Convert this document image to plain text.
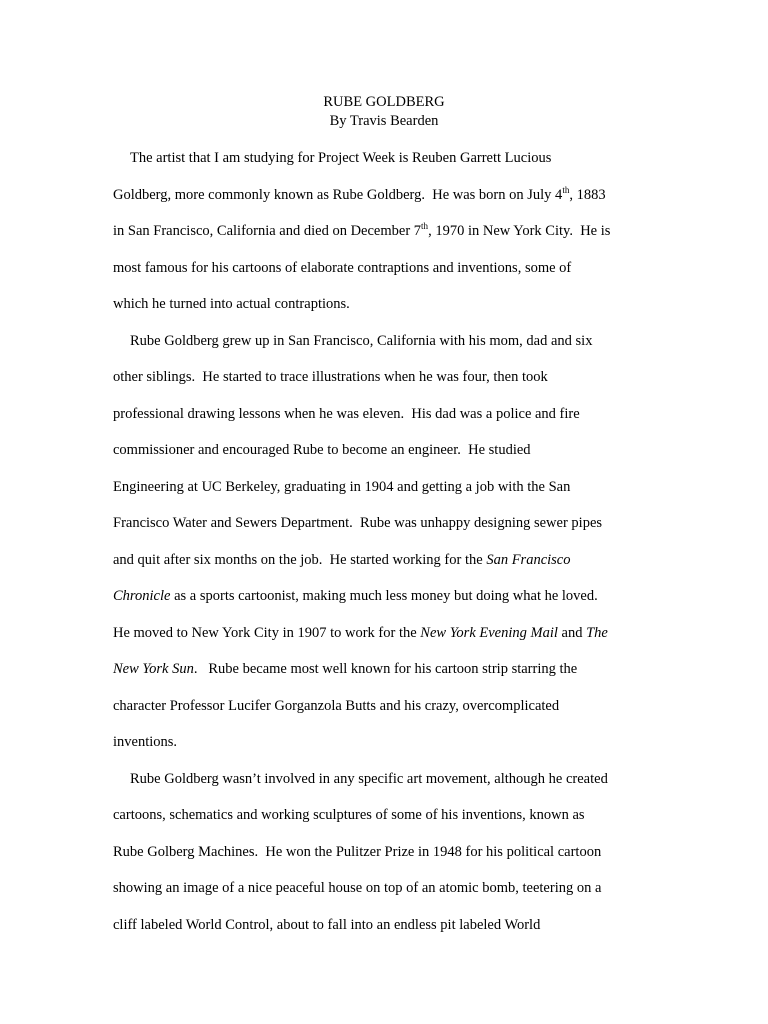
RUBE GOLDBERG
By Travis Bearden
The artist that I am studying for Project Week is Reuben Garrett Lucious
Goldberg, more commonly known as Rube Goldberg.  He was born on July 4th, 1883
in San Francisco, California and died on December 7th, 1970 in New York City.  He is
most famous for his cartoons of elaborate contraptions and inventions, some of
which he turned into actual contraptions.
Rube Goldberg grew up in San Francisco, California with his mom, dad and six
other siblings.  He started to trace illustrations when he was four, then took
professional drawing lessons when he was eleven.  His dad was a police and fire
commissioner and encouraged Rube to become an engineer.  He studied
Engineering at UC Berkeley, graduating in 1904 and getting a job with the San
Francisco Water and Sewers Department.  Rube was unhappy designing sewer pipes
and quit after six months on the job.  He started working for the San Francisco
Chronicle as a sports cartoonist, making much less money but doing what he loved.
He moved to New York City in 1907 to work for the New York Evening Mail and The
New York Sun.   Rube became most well known for his cartoon strip starring the
character Professor Lucifer Gorganzola Butts and his crazy, overcomplicated
inventions.
Rube Goldberg wasn’t involved in any specific art movement, although he created
cartoons, schematics and working sculptures of some of his inventions, known as
Rube Golberg Machines.  He won the Pulitzer Prize in 1948 for his political cartoon
showing an image of a nice peaceful house on top of an atomic bomb, teetering on a
cliff labeled World Control, about to fall into an endless pit labeled World
